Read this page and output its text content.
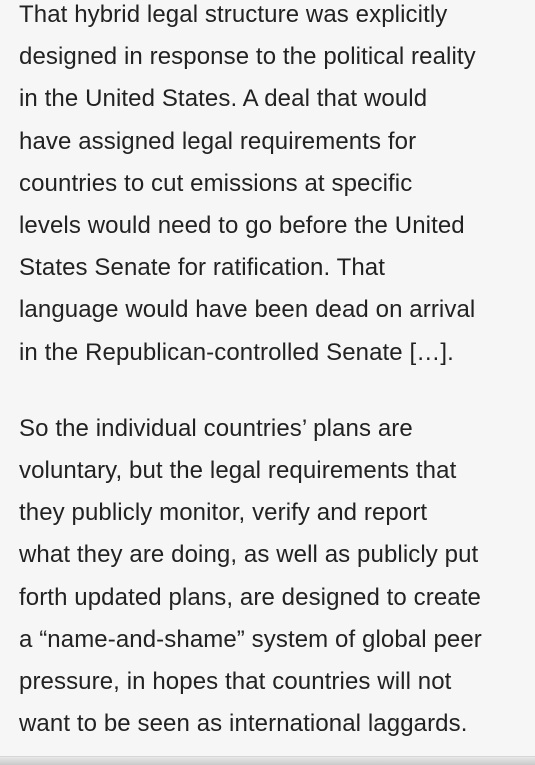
That hybrid legal structure was explicitly
designed in response to the political reality
in the United States. A deal that would
have assigned legal requirements for
countries to cut emissions at specific
levels would need to go before the United
States Senate for ratification. That
language would have been dead on arrival
in the Republican-controlled Senate […].

So the individual countries’ plans are
voluntary, but the legal requirements that
they publicly monitor, verify and report
what they are doing, as well as publicly put
forth updated plans, are designed to create
a “name-and-shame” system of global peer
pressure, in hopes that countries will not
want to be seen as international laggards.
